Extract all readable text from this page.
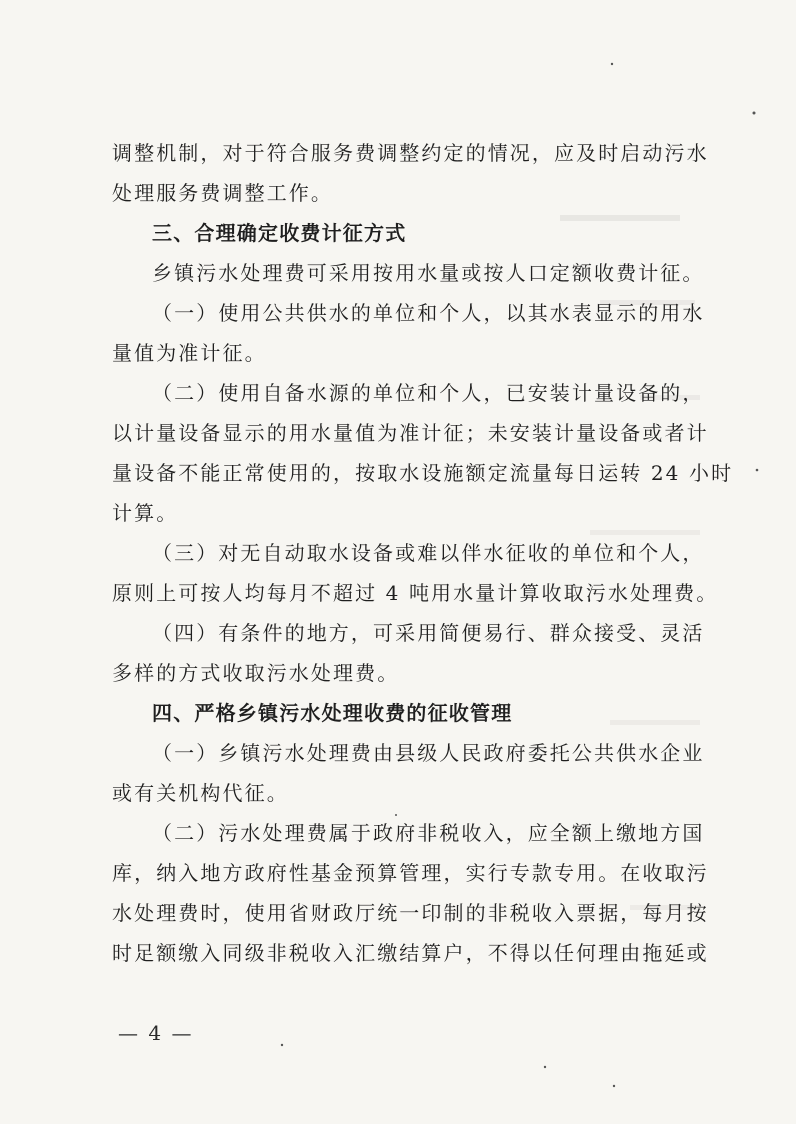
调整机制，对于符合服务费调整约定的情况，应及时启动污水
处理服务费调整工作。
三、合理确定收费计征方式
乡镇污水处理费可采用按用水量或按人口定额收费计征。
（一）使用公共供水的单位和个人，以其水表显示的用水
量值为准计征。
（二）使用自备水源的单位和个人，已安装计量设备的，
以计量设备显示的用水量值为准计征；未安装计量设备或者计
量设备不能正常使用的，按取水设施额定流量每日运转 24 小时
计算。
（三）对无自动取水设备或难以伴水征收的单位和个人，
原则上可按人均每月不超过 4 吨用水量计算收取污水处理费。
（四）有条件的地方，可采用简便易行、群众接受、灵活
多样的方式收取污水处理费。
四、严格乡镇污水处理收费的征收管理
（一）乡镇污水处理费由县级人民政府委托公共供水企业
或有关机构代征。
（二）污水处理费属于政府非税收入，应全额上缴地方国
库，纳入地方政府性基金预算管理，实行专款专用。在收取污
水处理费时，使用省财政厅统一印制的非税收入票据，每月按
时足额缴入同级非税收入汇缴结算户，不得以任何理由拖延或
— 4 —
